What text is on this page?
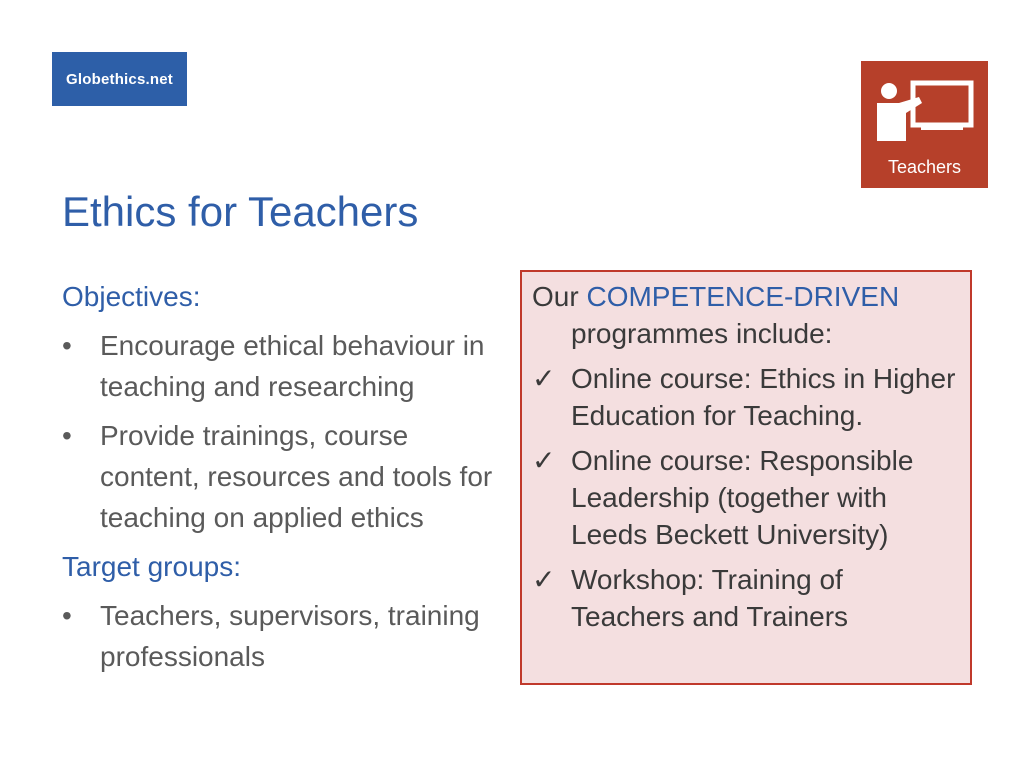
Globethics.net
Teachers
Ethics for Teachers
Objectives:
•	Encourage ethical behaviour in teaching and researching
•	Provide trainings, course content, resources and tools for teaching on applied ethics
Target groups:
•	Teachers, supervisors, training professionals
Our COMPETENCE-DRIVEN
programmes include:
✓ Online course: Ethics in Higher Education for Teaching.
✓ Online course: Responsible Leadership (together with Leeds Beckett University)
✓ Workshop: Training of Teachers and Trainers
